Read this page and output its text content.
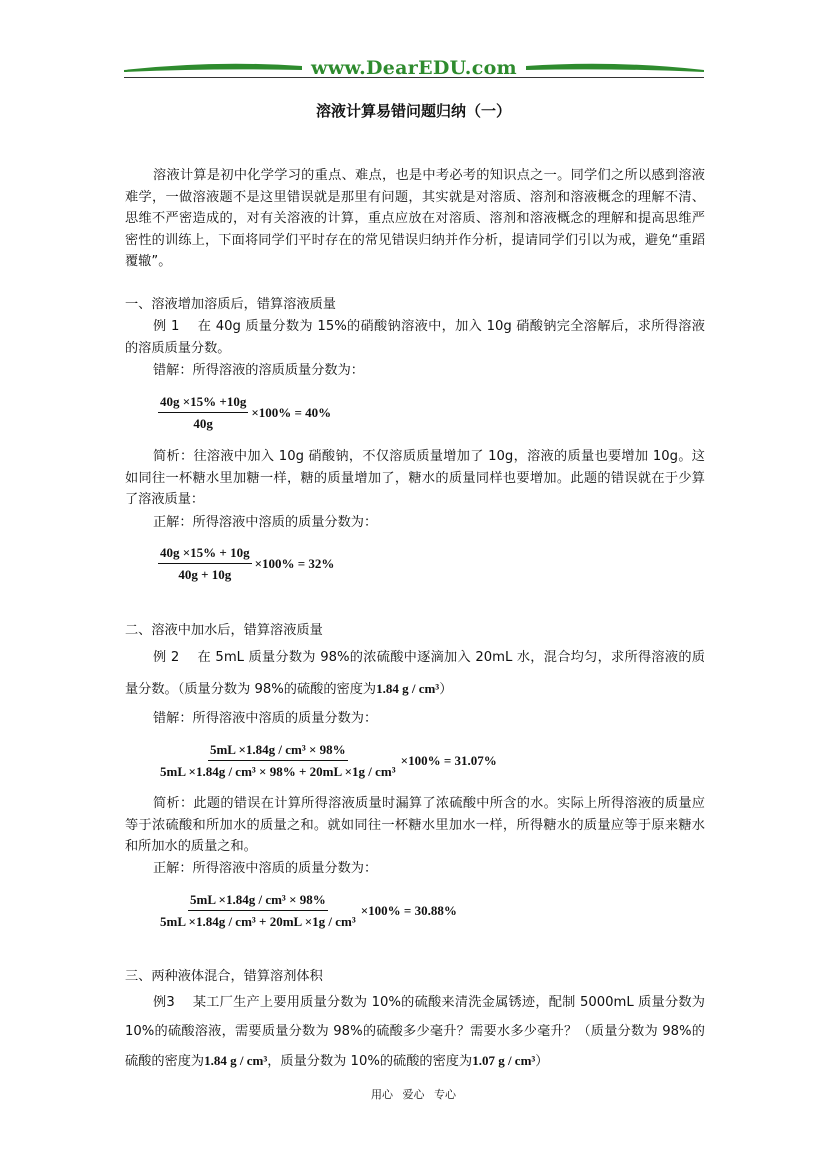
www.DearEDU.com
溶液计算易错问题归纳（一）
溶液计算是初中化学学习的重点、难点，也是中考必考的知识点之一。同学们之所以感到溶液难学，一做溶液题不是这里错误就是那里有问题，其实就是对溶质、溶剂和溶液概念的理解不清、思维不严密造成的，对有关溶液的计算，重点应放在对溶质、溶剂和溶液概念的理解和提高思维严密性的训练上，下面将同学们平时存在的常见错误归纳并作分析，提请同学们引以为戒，避免“重蹈覆辙”。
一、溶液增加溶质后，错算溶液质量
例 1　 在 40g 质量分数为 15%的硝酸钠溶液中，加入 10g 硝酸钠完全溶解后，求所得溶液的溶质质量分数。
错解：所得溶液的溶质质量分数为：
$\frac{40g \times 15\% +10g}{40g} \times 100\% = 40\%$
简析：往溶液中加入 10g 硝酸钠，不仅溶质质量增加了 10g，溶液的质量也要增加 10g。这如同往一杯糖水里加糖一样，糖的质量增加了，糖水的质量同样也要增加。此题的错误就在于少算了溶液质量：
正解：所得溶液中溶质的质量分数为：
$\frac{40g \times 15\% + 10g}{40g + 10g} \times 100\% = 32\%$
二、溶液中加水后，错算溶液质量
例 2　 在 5mL 质量分数为 98%的浓硫酸中逐滴加入 20mL 水，混合均匀，求所得溶液的质量分数。（质量分数为 98%的硫酸的密度为1.84 g / cm³）
错解：所得溶液中溶质的质量分数为：
$\frac{\text{5mL ×1.84g / cm³ × 98\%}}{\text{5mL ×1.84g / cm³ × 98\% + 20mL ×1g / cm³}} \times 100\% = 31.07\%$
简析：此题的错误在计算所得溶液质量时漏算了浓硫酸中所含的水。实际上所得溶液的质量应等于浓硫酸和所加水的质量之和。就如同往一杯糖水里加水一样，所得糖水的质量应等于原来糖水和所加水的质量之和。
正解：所得溶液中溶质的质量分数为：
$\frac{\text{5mL ×1.84g / cm³ × 98\%}}{\text{5mL ×1.84g / cm³ + 20mL ×1g / cm³}} \times 100\% = 30.88\%$
三、两种液体混合，错算溶剂体积
例3　 某工厂生产上要用质量分数为 10%的硫酸来清洗金属锈迹，配制 5000mL 质量分数为 10%的硫酸溶液，需要质量分数为 98%的硫酸多少毫升？需要水多少毫升？（质量分数为 98%的硫酸的密度为1.84 g / cm³，质量分数为 10%的硫酸的密度为1.07 g / cm³）
用心 爱心 专心
